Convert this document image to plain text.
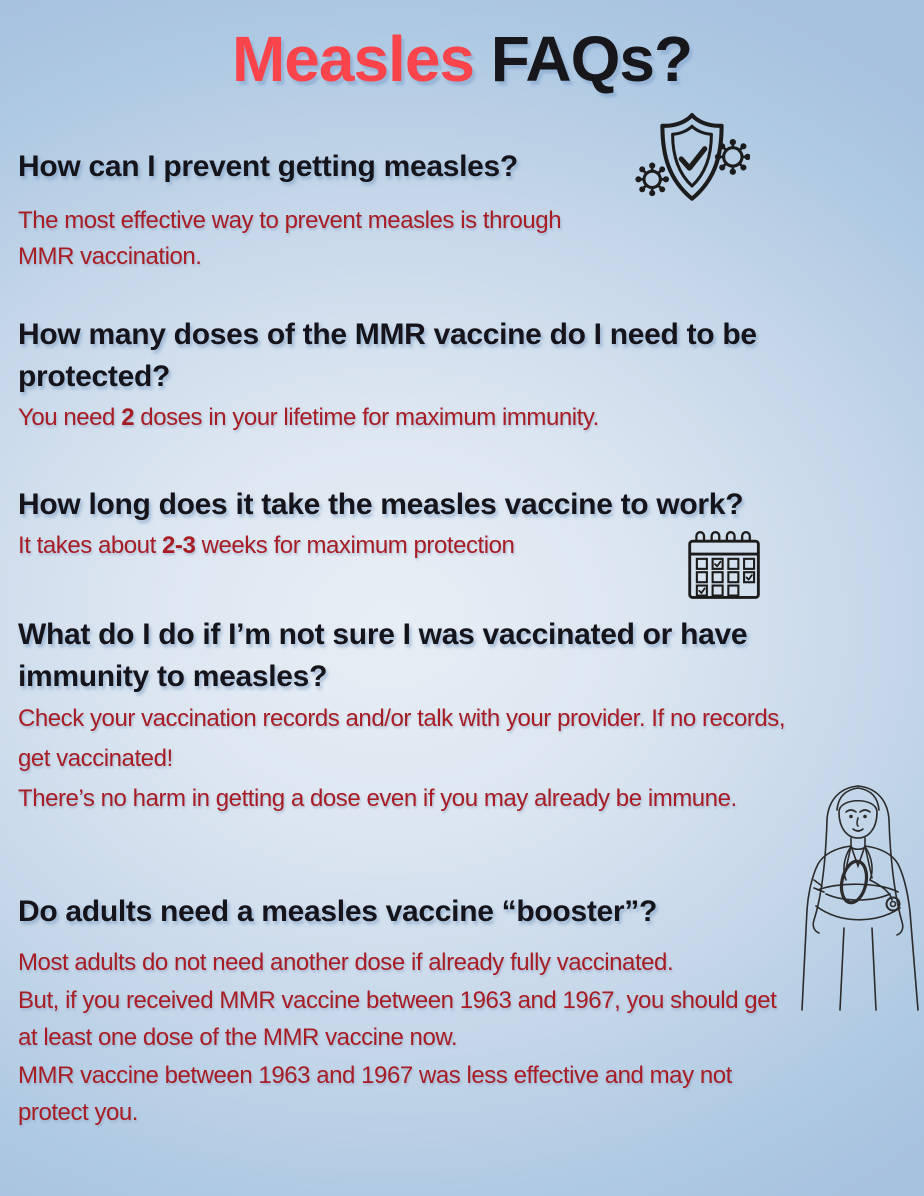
Measles FAQs?
How can I prevent getting measles?
The most effective way to prevent measles is through
MMR vaccination.
How many doses of the MMR vaccine do I need to be
protected?
You need 2 doses in your lifetime for maximum immunity.
How long does it take the measles vaccine to work?
It takes about 2-3 weeks for maximum protection
What do I do if I’m not sure I was vaccinated or have
immunity to measles?
Check your vaccination records and/or talk with your provider. If no records,
get vaccinated!
There’s no harm in getting a dose even if you may already be immune.
Do adults need a measles vaccine “booster”?
Most adults do not need another dose if already fully vaccinated.
But, if you received MMR vaccine between 1963 and 1967, you should get
at least one dose of the MMR vaccine now.
MMR vaccine between 1963 and 1967 was less effective and may not
protect you.
